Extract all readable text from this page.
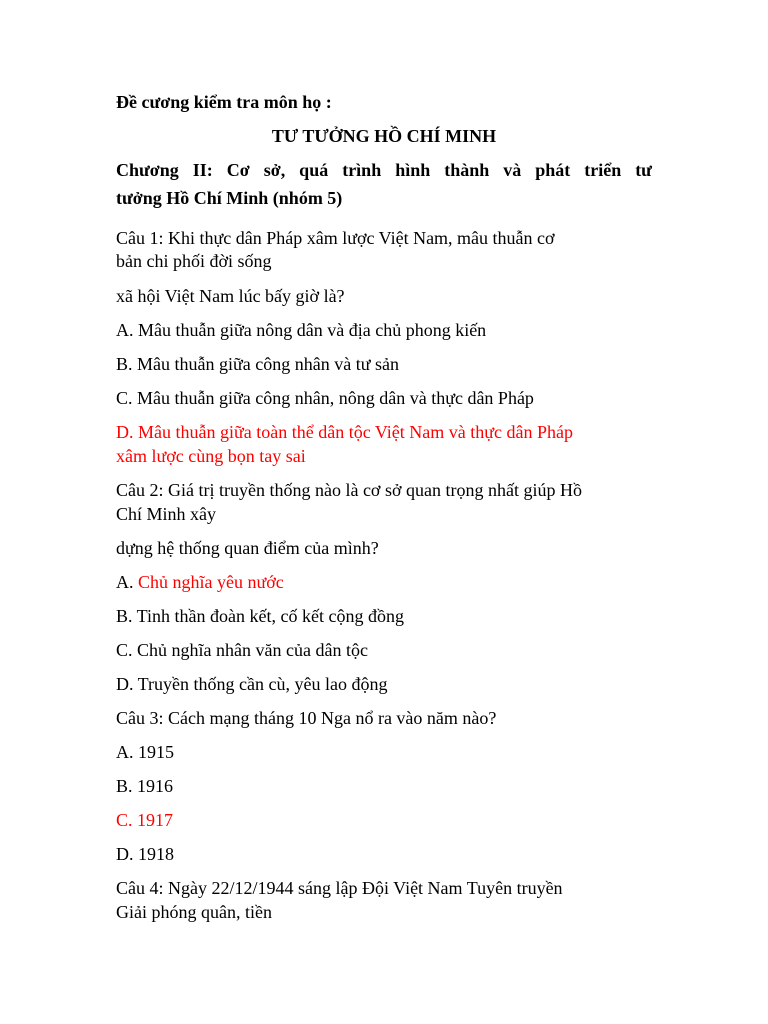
Đề cương kiểm tra môn họ :
TƯ TƯỞNG HỒ CHÍ MINH
Chương II: Cơ sở, quá trình hình thành và phát triển tư
tưởng Hồ Chí Minh (nhóm 5)
Câu 1: Khi thực dân Pháp xâm lược Việt Nam, mâu thuẫn cơ
bản chi phối đời sống
xã hội Việt Nam lúc bấy giờ là?
A. Mâu thuẫn giữa nông dân và địa chủ phong kiến
B. Mâu thuẫn giữa công nhân và tư sản
C. Mâu thuẫn giữa công nhân, nông dân và thực dân Pháp
D. Mâu thuẫn giữa toàn thể dân tộc Việt Nam và thực dân Pháp
xâm lược cùng bọn tay sai
Câu 2: Giá trị truyền thống nào là cơ sở quan trọng nhất giúp Hồ
Chí Minh xây
dựng hệ thống quan điểm của mình?
A. Chủ nghĩa yêu nước
B. Tinh thần đoàn kết, cố kết cộng đồng
C. Chủ nghĩa nhân văn của dân tộc
D. Truyền thống cần cù, yêu lao động
Câu 3: Cách mạng tháng 10 Nga nổ ra vào năm nào?
A. 1915
B. 1916
C. 1917
D. 1918
Câu 4: Ngày 22/12/1944 sáng lập Đội Việt Nam Tuyên truyền
Giải phóng quân, tiền
